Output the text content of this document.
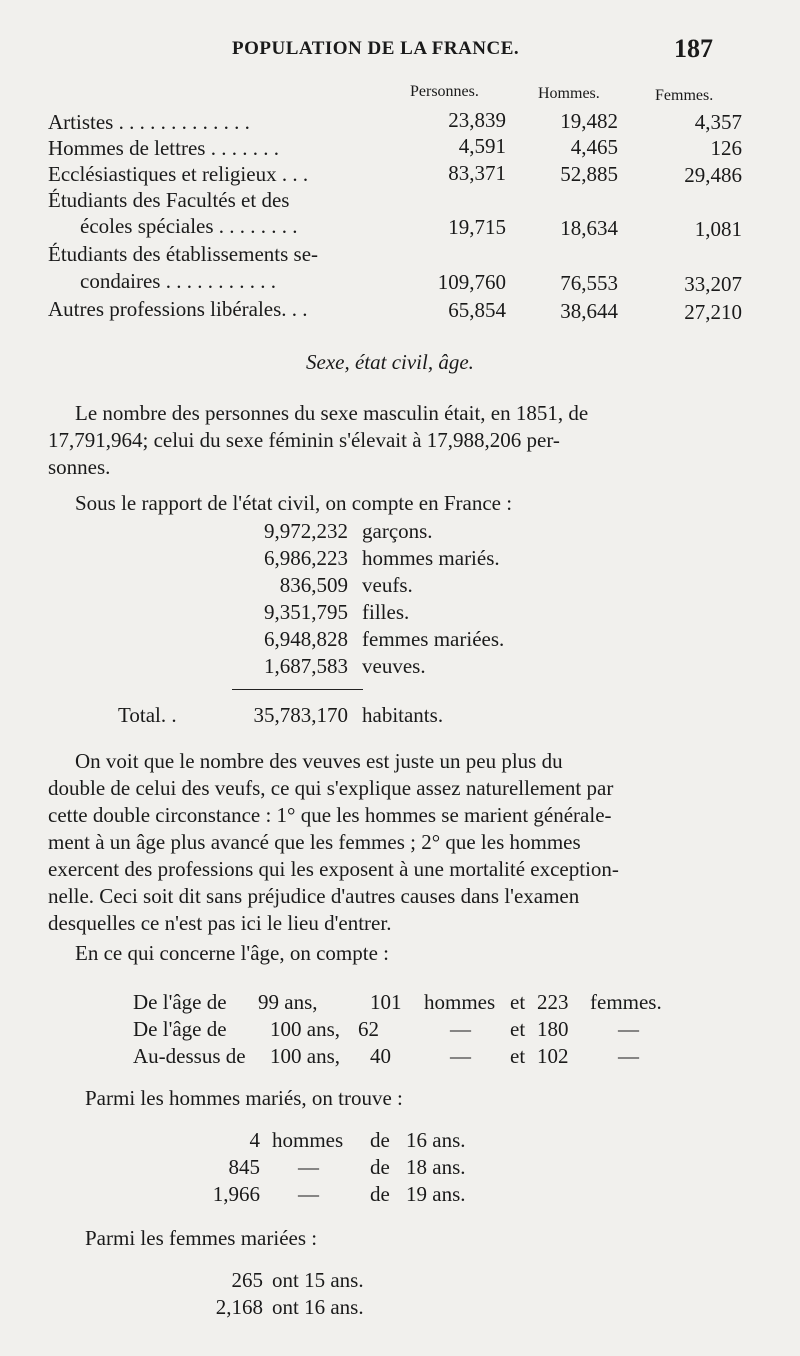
POPULATION DE LA FRANCE.	187
Personnes.	Hommes.	Femmes.
Artistes . . . . . . . . . . . . .	23,839	19,482	4,357
Hommes de lettres . . . . . . .	4,591	4,465	126
Ecclésiastiques et religieux . . .	83,371	52,885	29,486
Étudiants des Facultés et des
écoles spéciales . . . . . . . .	19,715	18,634	1,081
Étudiants des établissements se-
condaires . . . . . . . . . . .	109,760	76,553	33,207
Autres professions libérales. . .	65,854	38,644	27,210
Sexe, état civil, âge.
Le nombre des personnes du sexe masculin était, en 1851, de
17,791,964; celui du sexe féminin s'élevait à 17,988,206 per-
sonnes.
Sous le rapport de l'état civil, on compte en France :
9,972,232 garçons.
6,986,223 hommes mariés.
836,509 veufs.
9,351,795 filles.
6,948,828 femmes mariées.
1,687,583 veuves.
Total. .	35,783,170 habitants.
On voit que le nombre des veuves est juste un peu plus du
double de celui des veufs, ce qui s'explique assez naturellement par
cette double circonstance : 1° que les hommes se marient générale-
ment à un âge plus avancé que les femmes ; 2° que les hommes
exercent des professions qui les exposent à une mortalité exception-
nelle. Ceci soit dit sans préjudice d'autres causes dans l'examen
desquelles ce n'est pas ici le lieu d'entrer.
En ce qui concerne l'âge, on compte :
De l'âge de 99 ans,	101 hommes et 223 femmes.
De l'âge de 100 ans, 62	— et 180 —
Au-dessus de 100 ans, 40	— et 102 —
Parmi les hommes mariés, on trouve :
4 hommes de 16 ans.
845 — de 18 ans.
1,966 — de 19 ans.
Parmi les femmes mariées :
265 ont 15 ans.
2,168 ont 16 ans.
